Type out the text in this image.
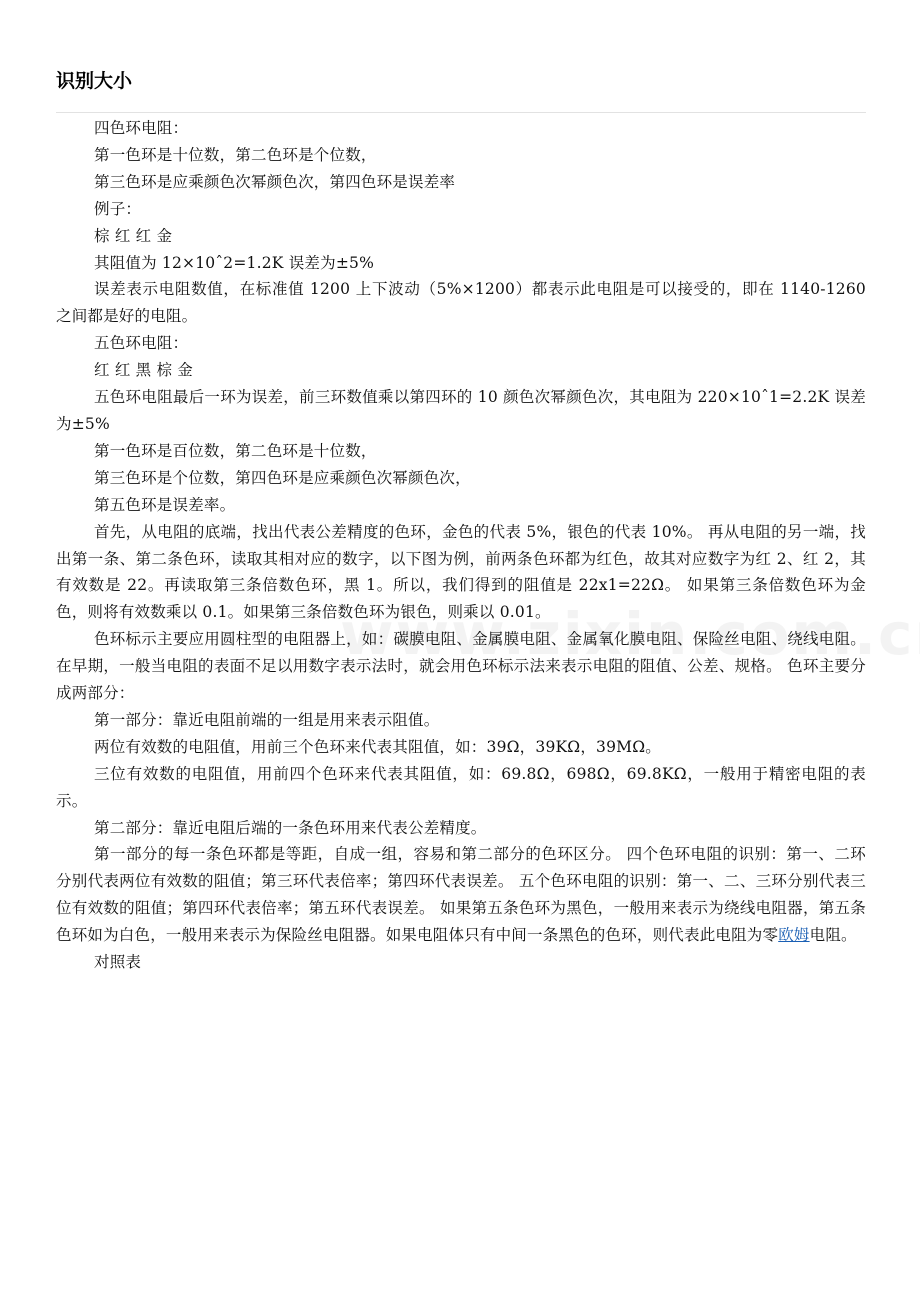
识别大小

四色环电阻：

第一色环是十位数，第二色环是个位数，

第三色环是应乘颜色次幂颜色次，第四色环是误差率

例子：

棕 红 红 金

其阻值为 12×10ˆ2=1.2K 误差为±5%

误差表示电阻数值，在标准值 1200 上下波动（5%×1200）都表示此电阻是可以接受的，即在 1140-1260 之间都是好的电阻。

五色环电阻：

红 红 黑 棕 金

五色环电阻最后一环为误差，前三环数值乘以第四环的 10 颜色次幂颜色次，其电阻为 220×10ˆ1=2.2K 误差为±5%

第一色环是百位数，第二色环是十位数，

第三色环是个位数，第四色环是应乘颜色次幂颜色次，

第五色环是误差率。

首先，从电阻的底端，找出代表公差精度的色环，金色的代表 5%，银色的代表 10%。 再从电阻的另一端，找出第一条、第二条色环，读取其相对应的数字，以下图为例，前两条色环都为红色，故其对应数字为红 2、红 2，其有效数是 22。再读取第三条倍数色环，黑 1。所以，我们得到的阻值是 22x1=22Ω。 如果第三条倍数色环为金色，则将有效数乘以 0.1。如果第三条倍数色环为银色，则乘以 0.01。

色环标示主要应用圆柱型的电阻器上，如：碳膜电阻、金属膜电阻、金属氧化膜电阻、保险丝电阻、绕线电阻。 在早期，一般当电阻的表面不足以用数字表示法时，就会用色环标示法来表示电阻的阻值、公差、规格。 色环主要分成两部分：

第一部分：靠近电阻前端的一组是用来表示阻值。

两位有效数的电阻值，用前三个色环来代表其阻值，如：39Ω，39KΩ，39MΩ。

三位有效数的电阻值，用前四个色环来代表其阻值，如：69.8Ω，698Ω，69.8KΩ，一般用于精密电阻的表示。

第二部分：靠近电阻后端的一条色环用来代表公差精度。

第一部分的每一条色环都是等距，自成一组，容易和第二部分的色环区分。 四个色环电阻的识别：第一、二环分别代表两位有效数的阻值；第三环代表倍率；第四环代表误差。 五个色环电阻的识别：第一、二、三环分别代表三位有效数的阻值；第四环代表倍率；第五环代表误差。 如果第五条色环为黑色，一般用来表示为绕线电阻器，第五条色环如为白色，一般用来表示为保险丝电阻器。如果电阻体只有中间一条黑色的色环，则代表此电阻为零欧姆电阻。

对照表
